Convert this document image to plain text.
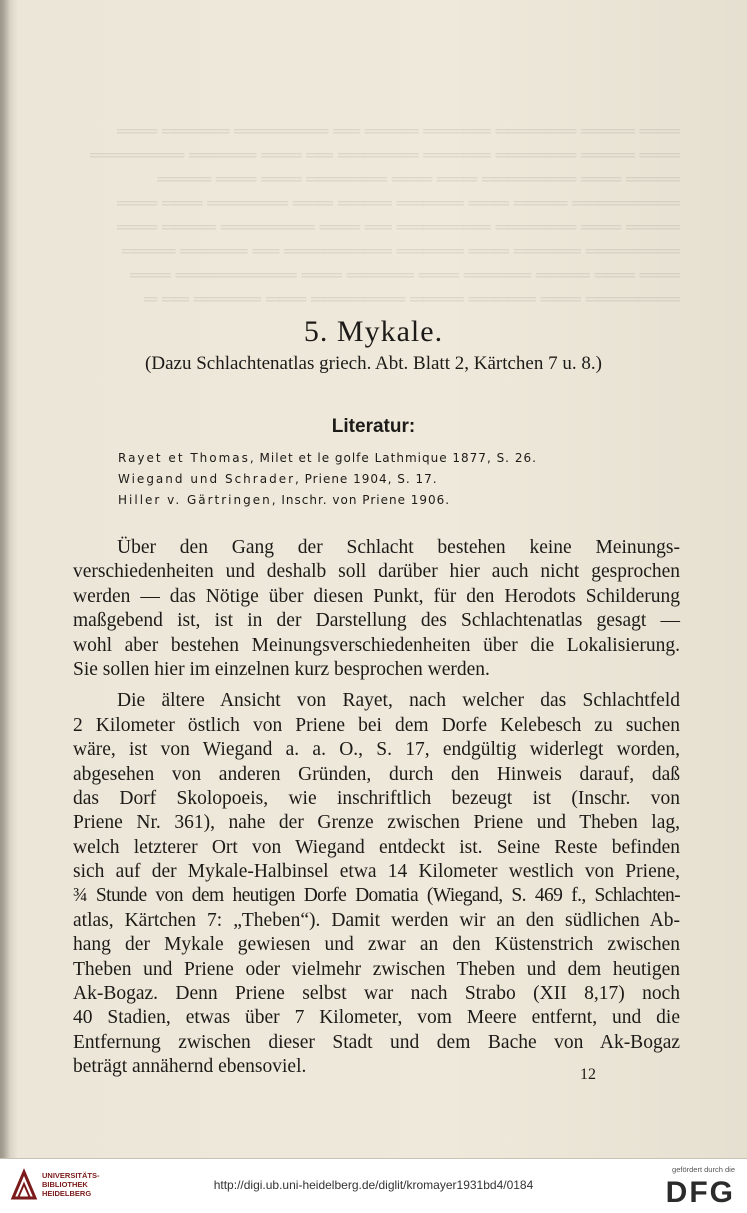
═══ ════ ══════ ═════ ════ ══ ═══════ ═════ ═══
═══ ════ ══════ ═════ ══════ ══ ═══ ═════ ═══════
════ ═══ ═══════ ═══ ═══ ══════ ═══ ═══ ════
════════ ════ ═══ ═════ ════ ═══ ══════ ═══ ═══
════ ═══ ══════ ═══════ ══ ═══ ═══════ ════ ═══
═══════ ═════ ═══ ═════ ════════ ══ ═════ ════
═══ ═══ ════ ═════ ═══ ═════ ═══ ═════════ ═══
═══════ ═══ ═════ ════ ═══════ ═══ ═════ ══ ═
5. Mykale.
(Dazu Schlachtenatlas griech. Abt. Blatt 2, Kärtchen 7 u. 8.)
Literatur:
Rayet et Thomas, Milet et le golfe Lathmique 1877, S. 26.
Wiegand und Schrader, Priene 1904, S. 17.
Hiller v. Gärtringen, Inschr. von Priene 1906.
Über den Gang der Schlacht bestehen keine Meinungs-
verschiedenheiten und deshalb soll darüber hier auch nicht gesprochen
werden — das Nötige über diesen Punkt, für den Herodots Schilderung
maßgebend ist, ist in der Darstellung des Schlachtenatlas gesagt —
wohl aber bestehen Meinungsverschiedenheiten über die Lokalisierung.
Sie sollen hier im einzelnen kurz besprochen werden.
Die ältere Ansicht von Rayet, nach welcher das Schlachtfeld
2 Kilometer östlich von Priene bei dem Dorfe Kelebesch zu suchen
wäre, ist von Wiegand a. a. O., S. 17, endgültig widerlegt worden,
abgesehen von anderen Gründen, durch den Hinweis darauf, daß
das Dorf Skolopoeis, wie inschriftlich bezeugt ist (Inschr. von
Priene Nr. 361), nahe der Grenze zwischen Priene und Theben lag,
welch letzterer Ort von Wiegand entdeckt ist. Seine Reste befinden
sich auf der Mykale-Halbinsel etwa 14 Kilometer westlich von Priene,
¾ Stunde von dem heutigen Dorfe Domatia (Wiegand, S. 469 f., Schlachten-
atlas, Kärtchen 7: „Theben“). Damit werden wir an den südlichen Ab-
hang der Mykale gewiesen und zwar an den Küstenstrich zwischen
Theben und Priene oder vielmehr zwischen Theben und dem heutigen
Ak-Bogaz. Denn Priene selbst war nach Strabo (XII 8,17) noch
40 Stadien, etwas über 7 Kilometer, vom Meere entfernt, und die
Entfernung zwischen dieser Stadt und dem Bache von Ak-Bogaz
beträgt annähernd ebensoviel.	12
UNIVERSITÄTS-
BIBLIOTHEK
HEIDELBERG
http://digi.ub.uni-heidelberg.de/diglit/kromayer1931bd4/0184
gefördert durch die
DFG
